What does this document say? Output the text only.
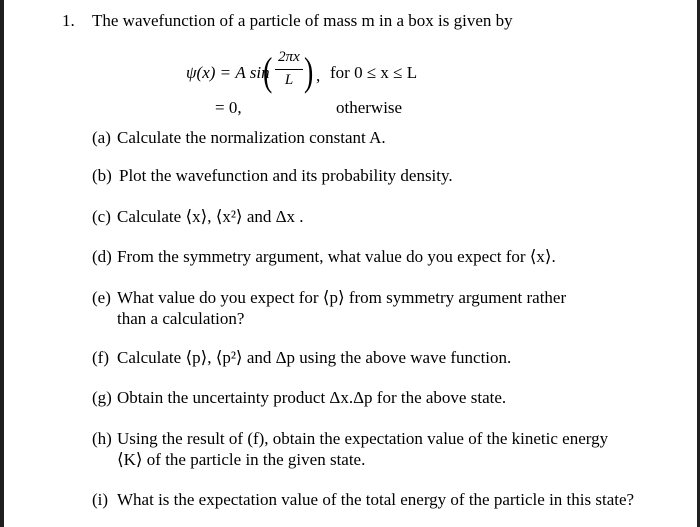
1. The wavefunction of a particle of mass m in a box is given by
ψ(x) = A sin
( 2πx
L ) , for 0 ≤ x ≤ L
= 0,	otherwise
(a) Calculate the normalization constant A.
(b) Plot the wavefunction and its probability density.
(c) Calculate ⟨x⟩, ⟨x²⟩ and Δx .
(d) From the symmetry argument, what value do you expect for ⟨x⟩.
(e) What value do you expect for ⟨p⟩ from symmetry argument rather
than a calculation?
(f) Calculate ⟨p⟩, ⟨p²⟩ and Δp using the above wave function.
(g) Obtain the uncertainty product Δx.Δp for the above state.
(h) Using the result of (f), obtain the expectation value of the kinetic energy
⟨K⟩ of the particle in the given state.
(i) What is the expectation value of the total energy of the particle in this state?
